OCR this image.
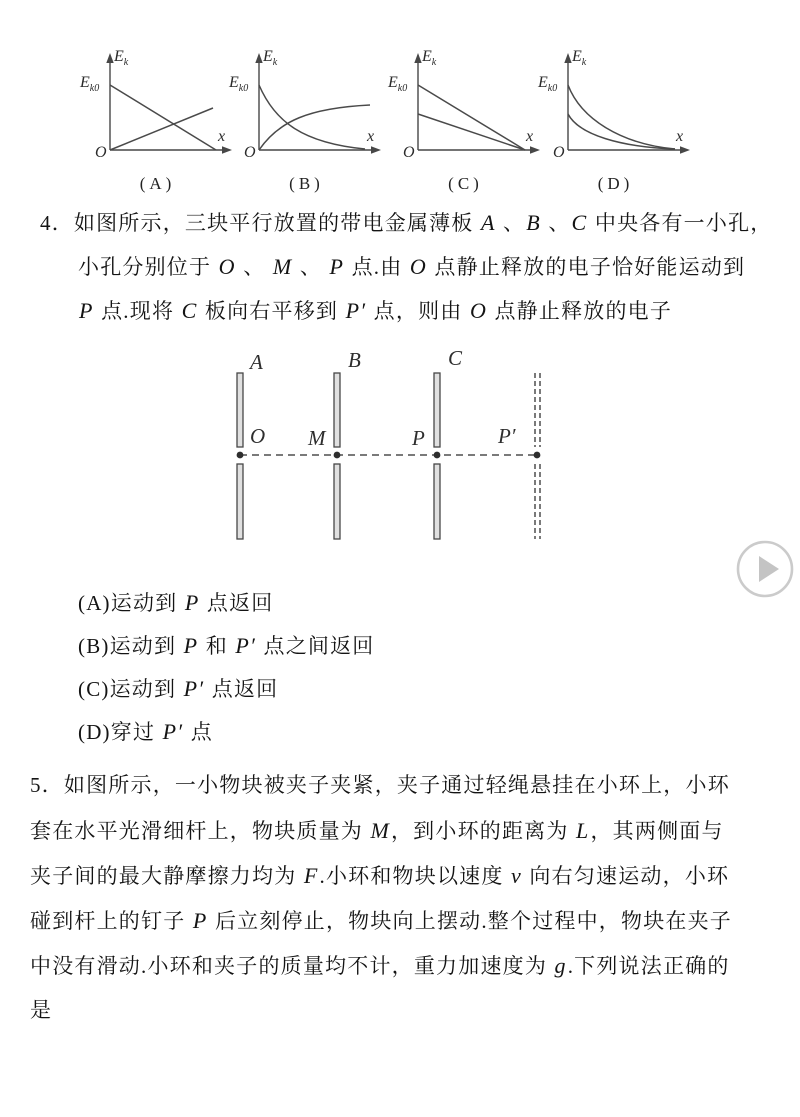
$E_k$
$E_{k0}$
O
x
(A)
$E_k$
$E_{k0}$
O
x
(B)
$E_k$
$E_{k0}$
O
x
(C)
$E_k$
$E_{k0}$
O
x
(D)
4．如图所示，三块平行放置的带电金属薄板 A 、B 、C 中央各有一小孔，
小孔分别位于 O 、 M 、 P 点.由 O 点静止释放的电子恰好能运动到
P 点.现将 C 板向右平移到 P′ 点，则由 O 点静止释放的电子
A	B	C
O M	P	P′
(A)运动到 P 点返回
(B)运动到 P 和 P′ 点之间返回
(C)运动到 P′ 点返回
(D)穿过 P′ 点
5．如图所示，一小物块被夹子夹紧，夹子通过轻绳悬挂在小环上，小环
套在水平光滑细杆上，物块质量为 M，到小环的距离为 L，其两侧面与
夹子间的最大静摩擦力均为 F.小环和物块以速度 v 向右匀速运动，小环
碰到杆上的钉子 P 后立刻停止，物块向上摆动.整个过程中，物块在夹子
中没有滑动.小环和夹子的质量均不计，重力加速度为 g.下列说法正确的
是
